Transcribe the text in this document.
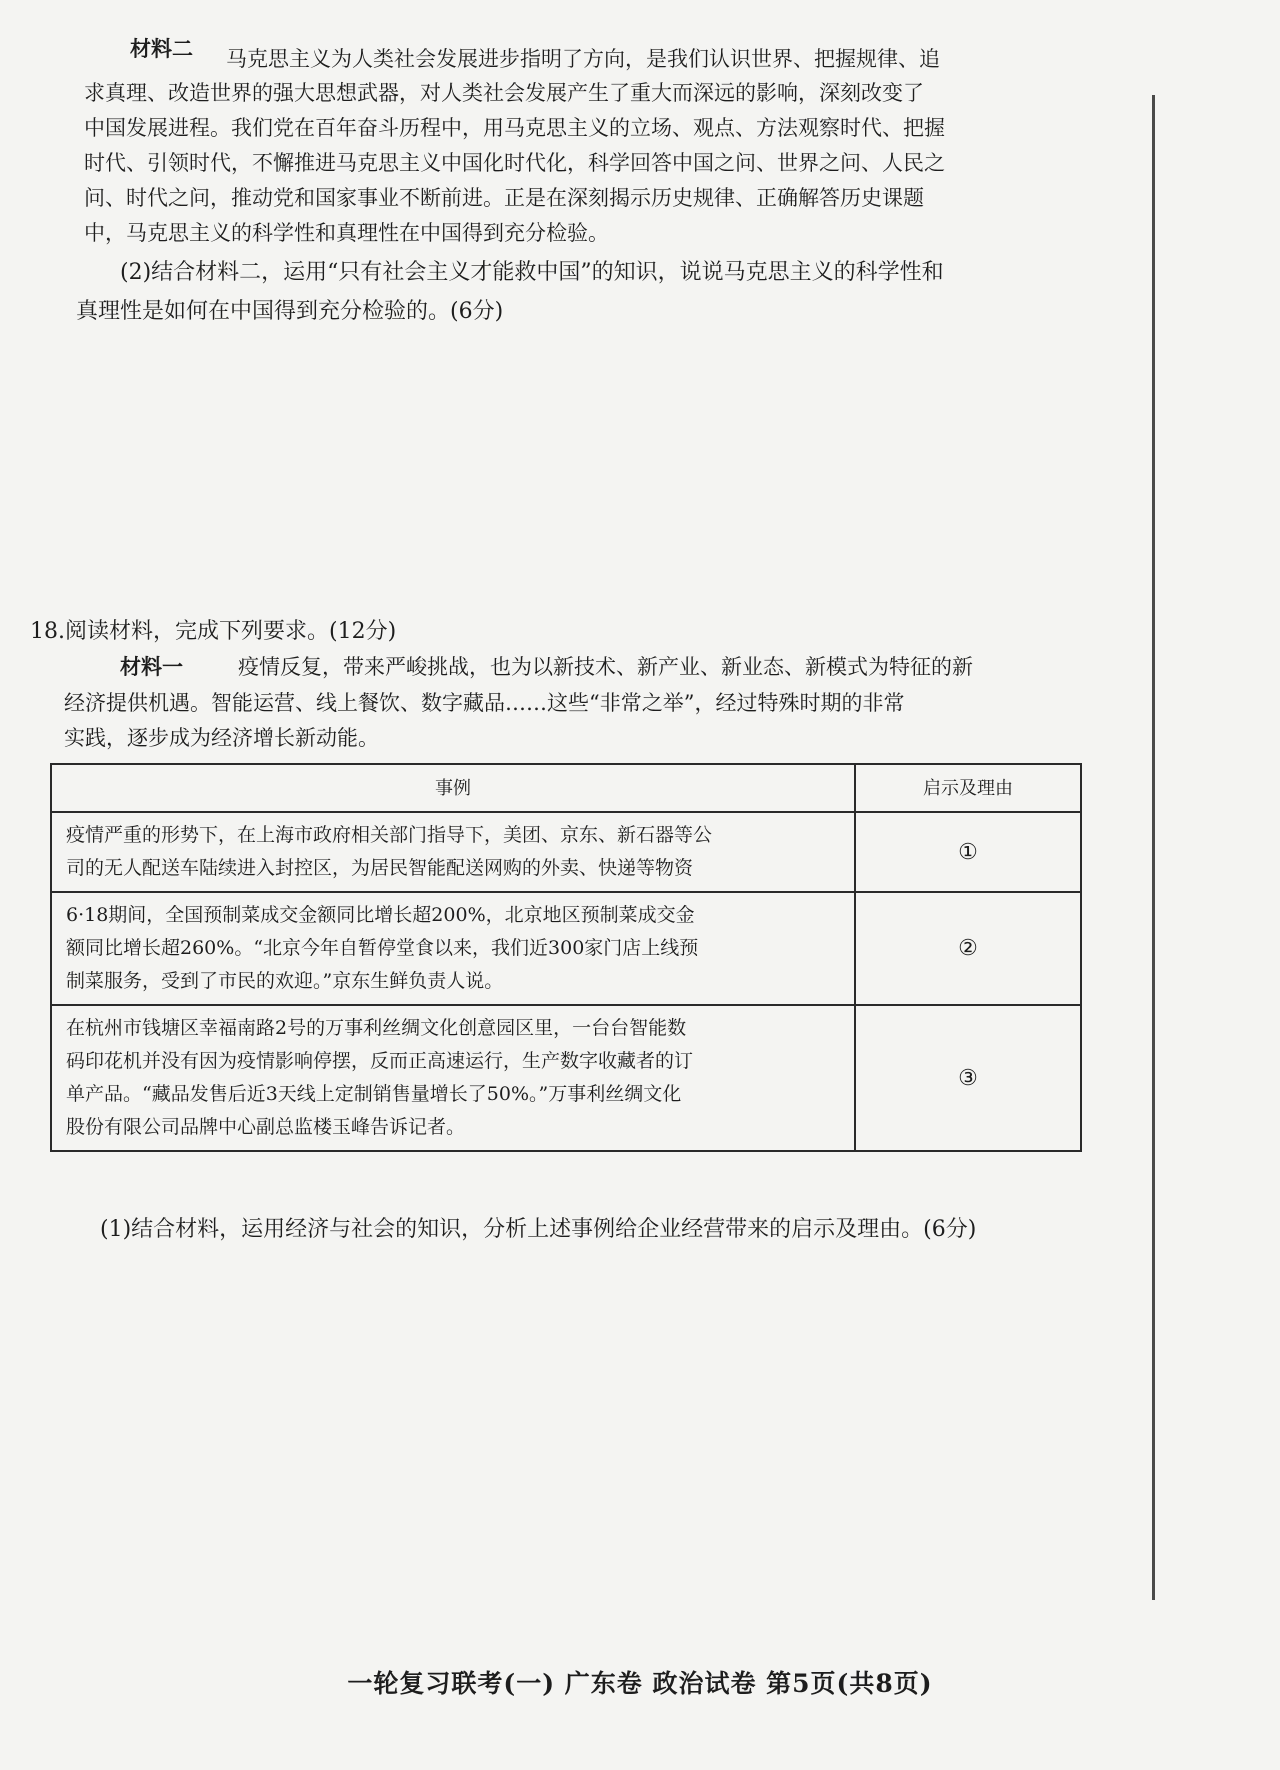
材料二 马克思主义为人类社会发展进步指明了方向，是我们认识世界、把握规律、追
求真理、改造世界的强大思想武器，对人类社会发展产生了重大而深远的影响，深刻改变了
中国发展进程。我们党在百年奋斗历程中，用马克思主义的立场、观点、方法观察时代、把握
时代、引领时代，不懈推进马克思主义中国化时代化，科学回答中国之问、世界之问、人民之
问、时代之问，推动党和国家事业不断前进。正是在深刻揭示历史规律、正确解答历史课题
中，马克思主义的科学性和真理性在中国得到充分检验。
(2)结合材料二，运用“只有社会主义才能救中国”的知识，说说马克思主义的科学性和
真理性是如何在中国得到充分检验的。(6分)
18.阅读材料，完成下列要求。(12分)
材料一	疫情反复，带来严峻挑战，也为以新技术、新产业、新业态、新模式为特征的新
经济提供机遇。智能运营、线上餐饮、数字藏品……这些“非常之举”，经过特殊时期的非常
实践，逐步成为经济增长新动能。
事例	启示及理由

疫情严重的形势下，在上海市政府相关部门指导下，美团、京东、新石器等公
司的无人配送车陆续进入封控区，为居民智能配送网购的外卖、快递等物资	①

6·18期间，全国预制菜成交金额同比增长超200%，北京地区预制菜成交金
额同比增长超260%。“北京今年自暂停堂食以来，我们近300家门店上线预
制菜服务，受到了市民的欢迎。”京东生鲜负责人说。	②

在杭州市钱塘区幸福南路2号的万事利丝绸文化创意园区里，一台台智能数
码印花机并没有因为疫情影响停摆，反而正高速运行，生产数字收藏者的订
单产品。“藏品发售后近3天线上定制销售量增长了50%。”万事利丝绸文化
股份有限公司品牌中心副总监楼玉峰告诉记者。	③
(1)结合材料，运用经济与社会的知识，分析上述事例给企业经营带来的启示及理由。(6分)
一轮复习联考(一) 广东卷 政治试卷 第5页(共8页)
